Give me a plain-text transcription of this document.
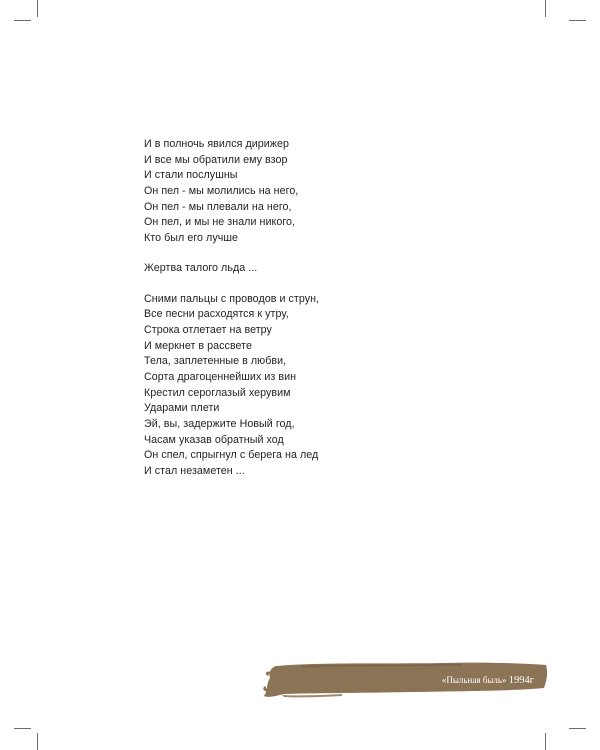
И в полночь явился дирижер
И все мы обратили ему взор
И стали послушны
Он пел - мы молились на него,
Он пел - мы плевали на него,
Он пел, и мы не знали никого,
Кто был его лучше
Жертва талого льда ...
Сними пальцы с проводов и струн,
Все песни расходятся к утру,
Строка отлетает на ветру
И меркнет в рассвете
Тела, заплетенные в любви,
Сорта драгоценнейших из вин
Крестил сероглазый херувим
Ударами плети
Эй, вы, задержите Новый год,
Часам указав обратный ход
Он спел, спрыгнул с берега на лед
И стал незаметен ...
«Пыльная быль» 1994г
